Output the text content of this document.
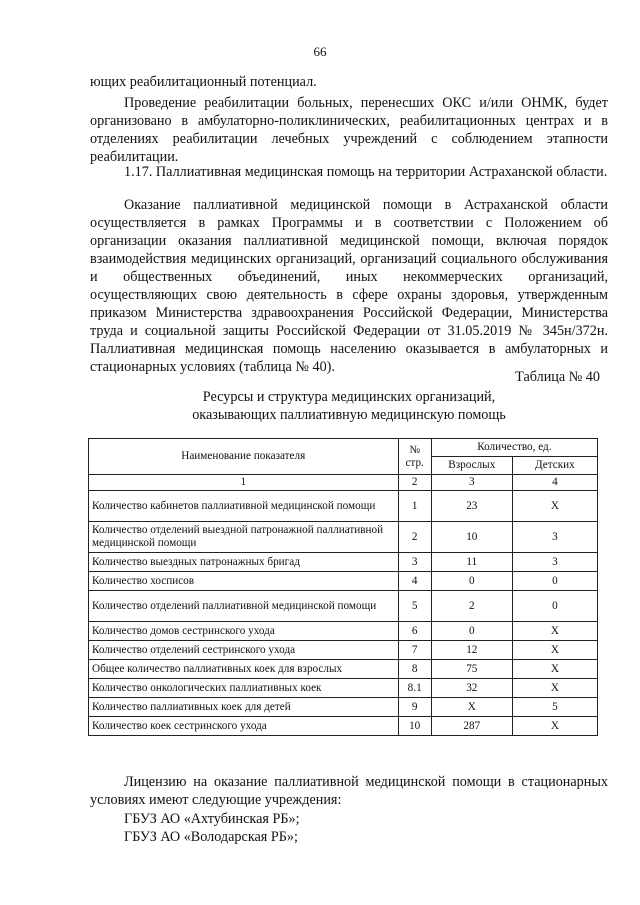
66

ющих реабилитационный потенциал.

Проведение реабилитации больных, перенесших ОКС и/или ОНМК, будет организовано в амбулаторно-поликлинических, реабилитационных центрах и в отделениях реабилитации лечебных учреждений с соблюдением этапности реабилитации.

1.17. Паллиативная медицинская помощь на территории Астраханской области.

Оказание паллиативной медицинской помощи в Астраханской области осуществляется в рамках Программы и в соответствии с Положением об организации оказания паллиативной медицинской помощи, включая порядок взаимодействия медицинских организаций, организаций социального обслуживания и общественных объединений, иных некоммерческих организаций, осуществляющих свою деятельность в сфере охраны здоровья, утвержденным приказом Министерства здравоохранения Российской Федерации, Министерства труда и социальной защиты Российской Федерации от 31.05.2019 № 345н/372н. Паллиативная медицинская помощь населению оказывается в амбулаторных и стационарных условиях (таблица № 40).

Таблица № 40
Ресурсы и структура медицинских организаций,
оказывающих паллиативную медицинскую помощь
Наименование показателя	№ стр.	Количество, ед.	
		Взрослых	Детских
1	2	3	4
Количество кабинетов паллиативной медицинской помощи	1	23	Х
Количество отделений выездной патронажной паллиативной медицинской помощи	2	10	3
Количество выездных патронажных бригад	3	11	3
Количество хосписов	4	0	0
Количество отделений паллиативной медицинской помощи	5	2	0
Количество домов сестринского ухода	6	0	Х
Количество отделений сестринского ухода	7	12	Х
Общее количество паллиативных коек для взрослых	8	75	Х
Количество онкологических паллиативных коек	8.1	32	Х
Количество паллиативных коек для детей	9	Х	5
Количество коек сестринского ухода	10	287	Х

Лицензию на оказание паллиативной медицинской помощи в стационарных условиях имеют следующие учреждения:

ГБУЗ АО «Ахтубинская РБ»;

ГБУЗ АО «Володарская РБ»;
